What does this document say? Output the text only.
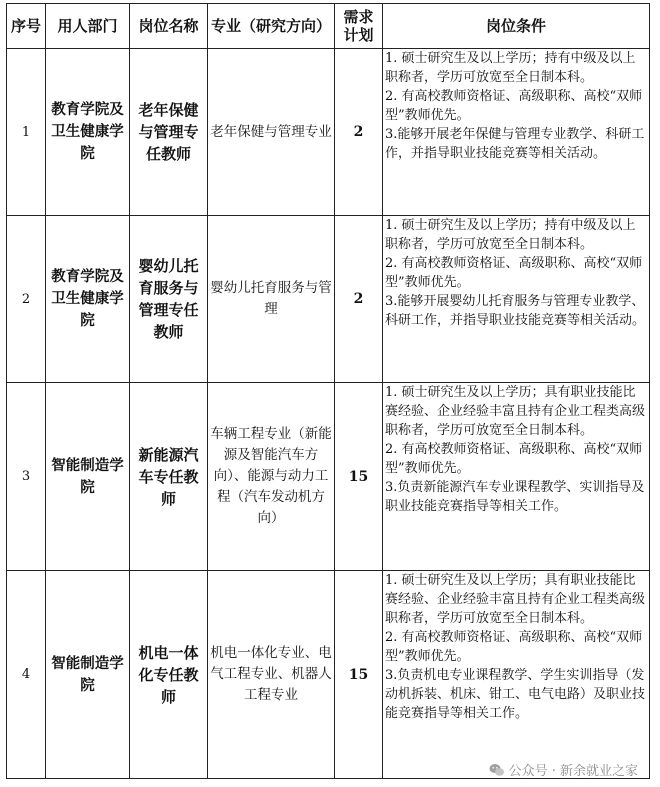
序号	用人部门	岗位名称	专业（研究方向）	需求计划	岗位条件
1	教育学院及卫生健康学院	老年保健与管理专任教师	老年保健与管理专业	2	1. 硕士研究生及以上学历；持有中级及以上职称者，学历可放宽至全日制本科。
2. 有高校教师资格证、高级职称、高校“双师型”教师优先。
3.能够开展老年保健与管理专业教学、科研工作，并指导职业技能竞赛等相关活动。

2	教育学院及卫生健康学院	婴幼儿托育服务与管理专任教师	婴幼儿托育服务与管理	2	1. 硕士研究生及以上学历；持有中级及以上职称者，学历可放宽至全日制本科。
2. 有高校教师资格证、高级职称、高校“双师型”教师优先。
3.能够开展婴幼儿托育服务与管理专业教学、科研工作，并指导职业技能竞赛等相关活动。

3	智能制造学院	新能源汽车专任教师	车辆工程专业（新能源及智能汽车方向）、能源与动力工程（汽车发动机方向）	15	1. 硕士研究生及以上学历；具有职业技能比赛经验、企业经验丰富且持有企业工程类高级职称者，学历可放宽至全日制本科。
2. 有高校教师资格证、高级职称、高校“双师型”教师优先。
3.负责新能源汽车专业课程教学、实训指导及职业技能竞赛指导等相关工作。

4	智能制造学院	机电一体化专任教师	机电一体化专业、电气工程专业、机器人工程专业	15	1. 硕士研究生及以上学历；具有职业技能比赛经验、企业经验丰富且持有企业工程类高级职称者，学历可放宽至全日制本科。
2. 有高校教师资格证、高级职称、高校“双师型”教师优先。
3.负责机电专业课程教学、学生实训指导（发动机拆装、机床、钳工、电气电路）及职业技能竞赛指导等相关工作。
公众号 · 新余就业之家
